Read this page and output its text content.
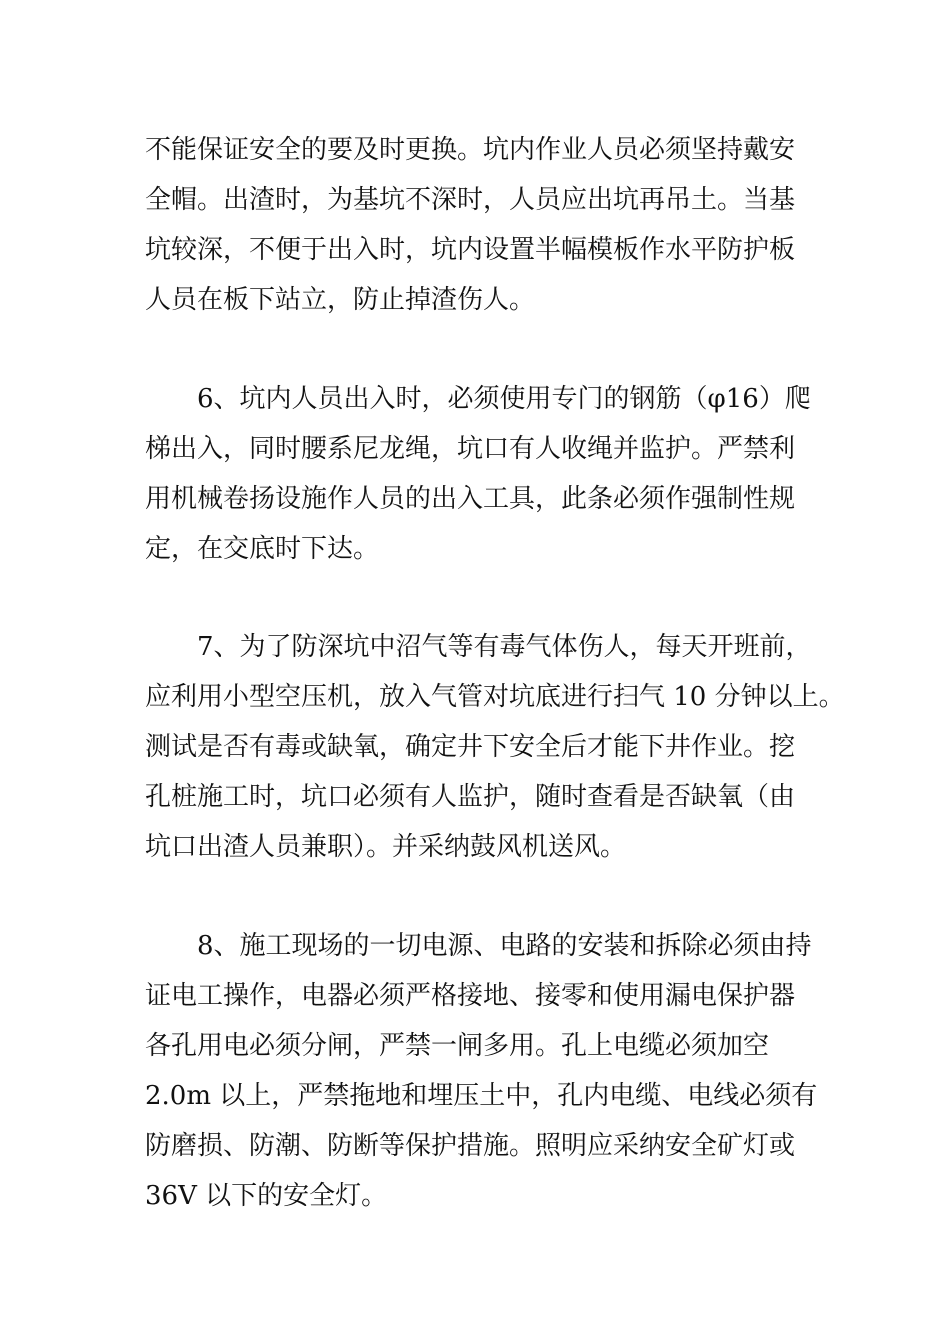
不能保证安全的要及时更换。坑内作业人员必须坚持戴安

全帽。出渣时，为基坑不深时，人员应出坑再吊土。当基

坑较深，不便于出入时，坑内设置半幅模板作水平防护板

人员在板下站立，防止掉渣伤人。

6、坑内人员出入时，必须使用专门的钢筋（φ16）爬

梯出入，同时腰系尼龙绳，坑口有人收绳并监护。严禁利

用机械卷扬设施作人员的出入工具，此条必须作强制性规

定，在交底时下达。

7、为了防深坑中沼气等有毒气体伤人，每天开班前，

应利用小型空压机，放入气管对坑底进行扫气 10 分钟以上。

测试是否有毒或缺氧，确定井下安全后才能下井作业。挖

孔桩施工时，坑口必须有人监护，随时查看是否缺氧（由

坑口出渣人员兼职）。并采纳鼓风机送风。

8、施工现场的一切电源、电路的安装和拆除必须由持

证电工操作，电器必须严格接地、接零和使用漏电保护器

各孔用电必须分闸，严禁一闸多用。孔上电缆必须加空

2.0m 以上，严禁拖地和埋压土中，孔内电缆、电线必须有

防磨损、防潮、防断等保护措施。照明应采纳安全矿灯或

36V 以下的安全灯。
